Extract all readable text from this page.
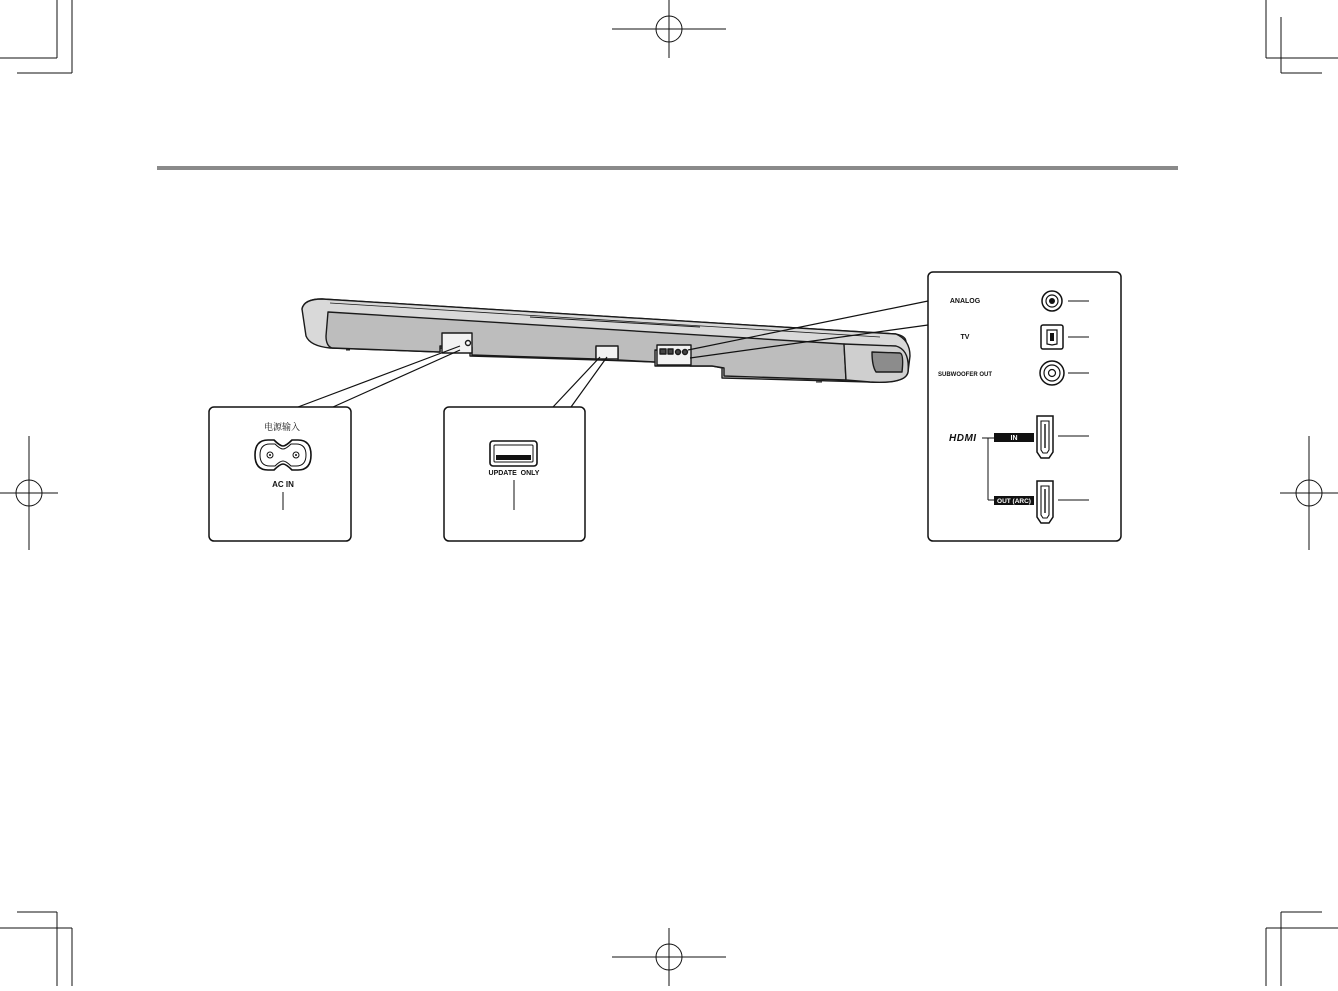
电源输入
AC IN
UPDATE  ONLY
ANALOG
TV
SUBWOOFER OUT
HDMI	IN
OUT (ARC)
